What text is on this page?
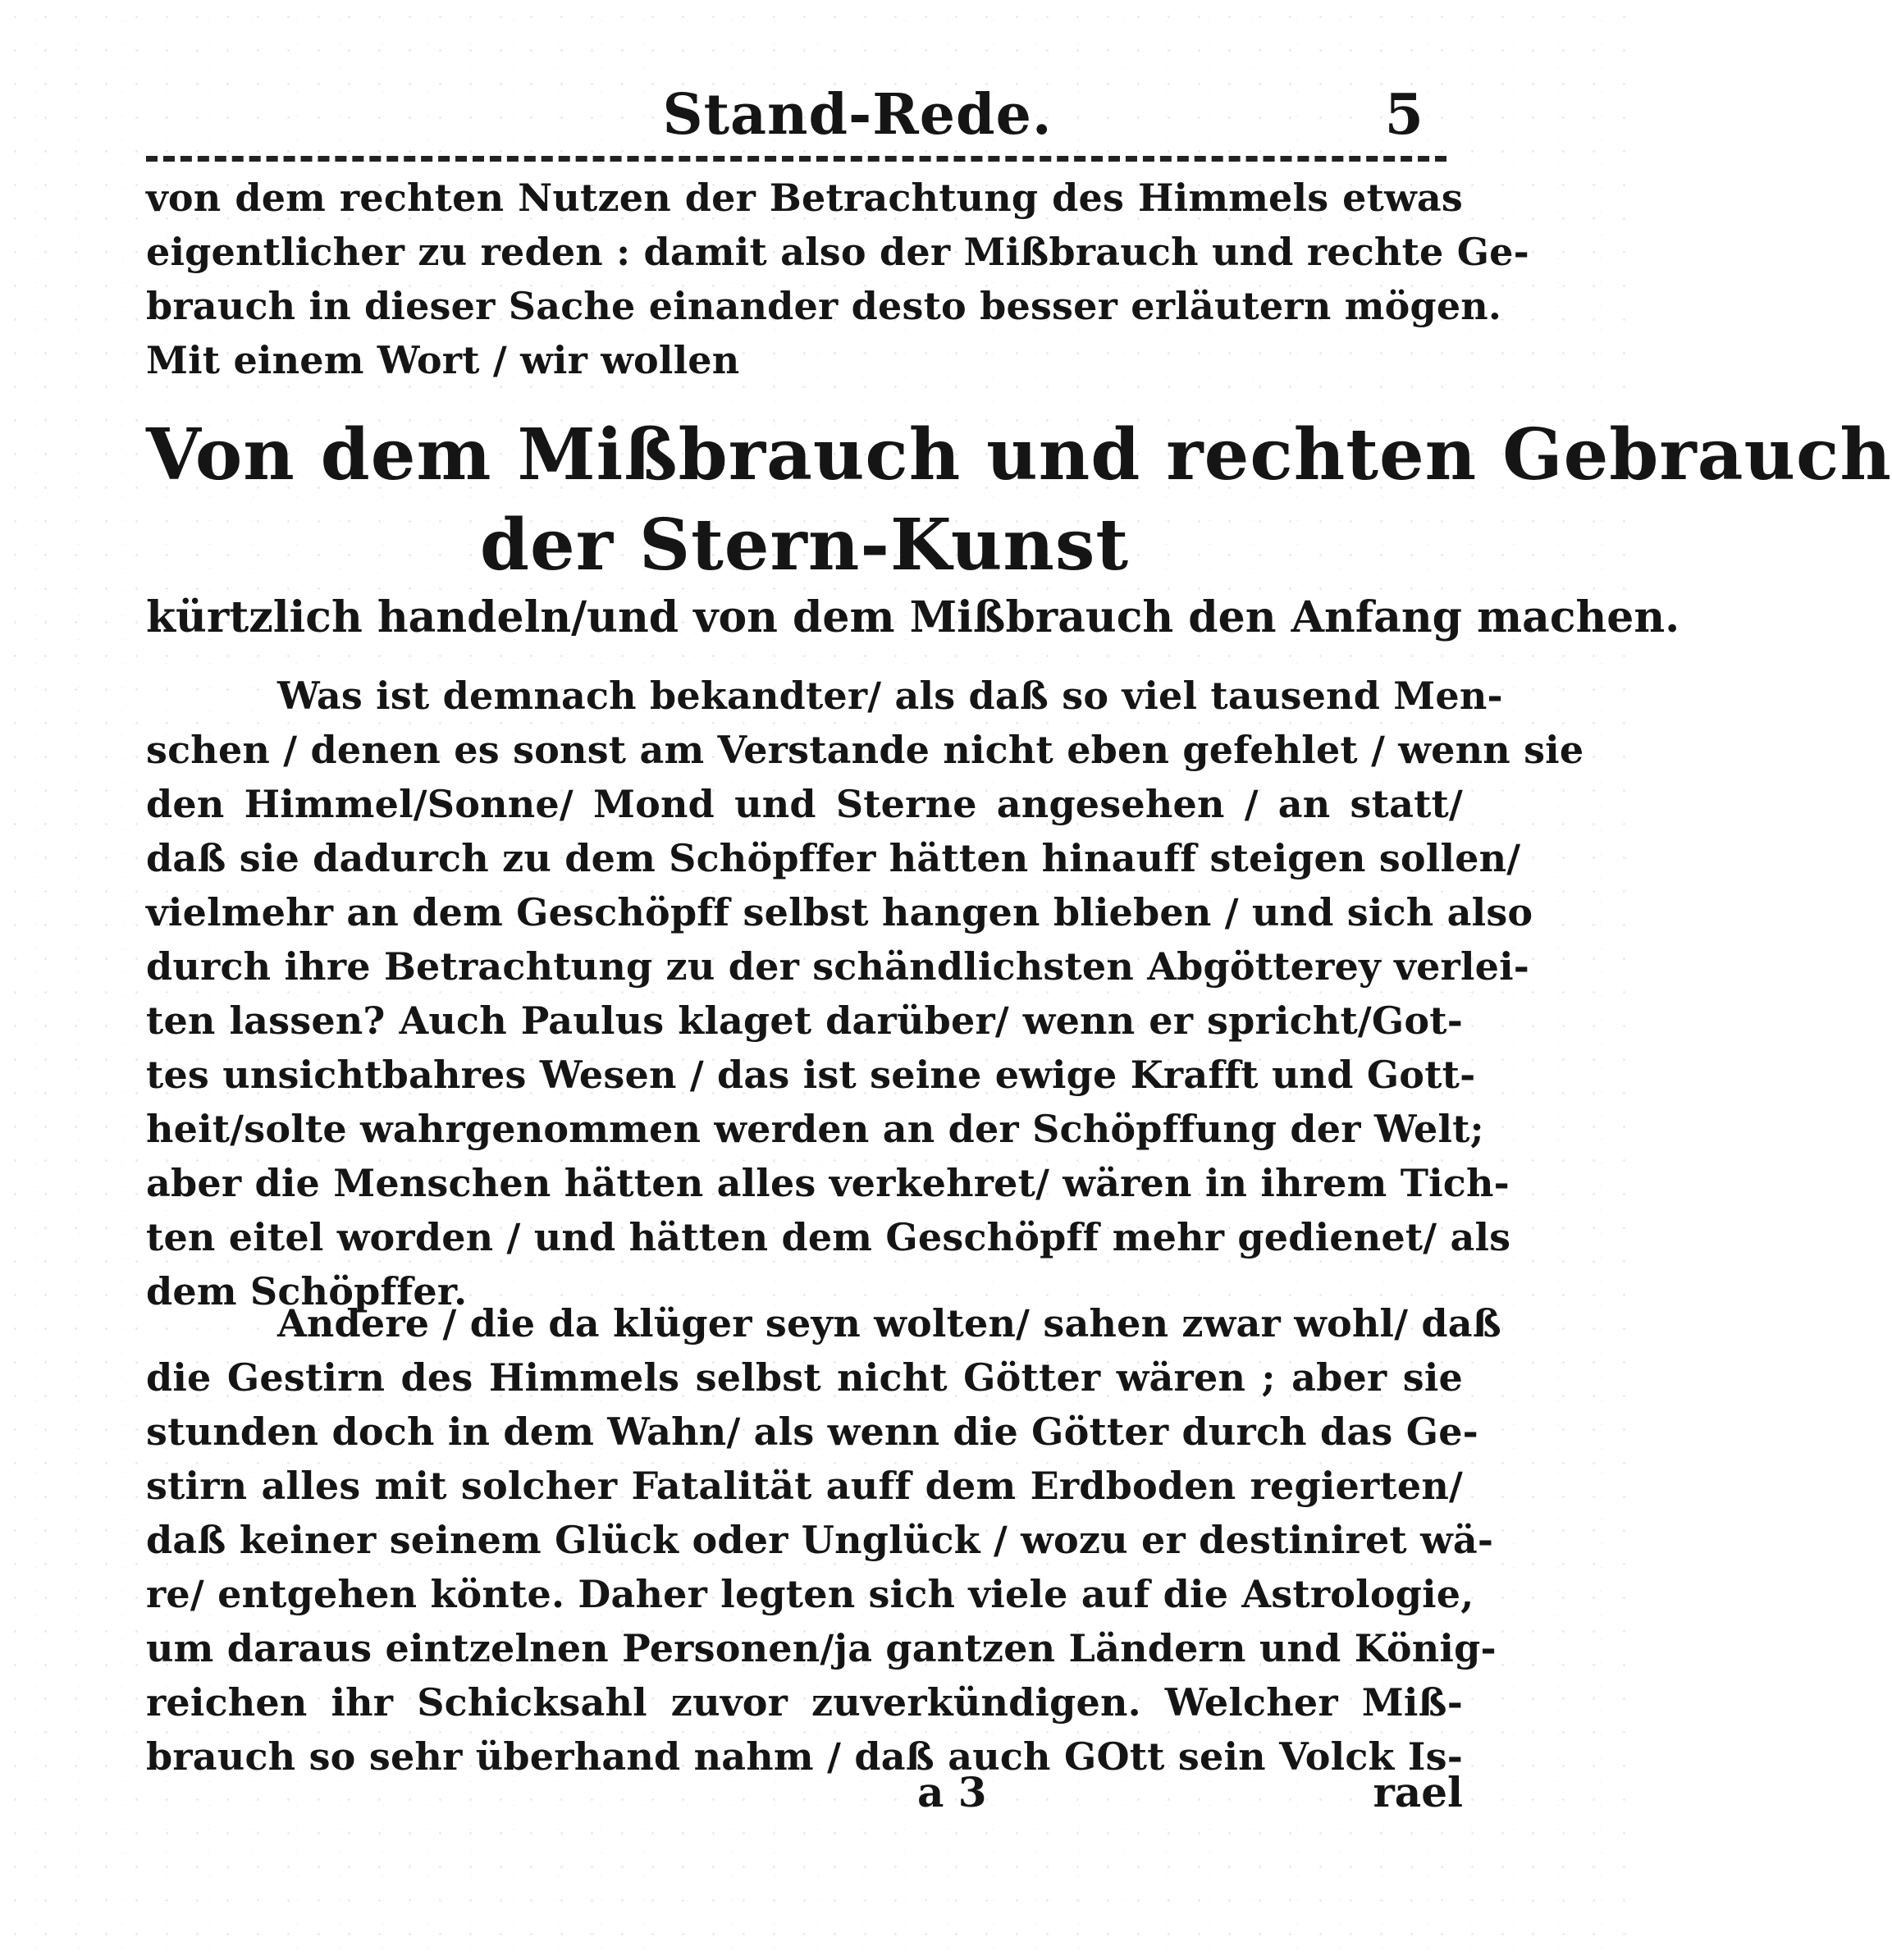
Stand-Rede.	5
von dem rechten Nutzen der Betrachtung des Himmels etwas
eigentlicher zu reden : damit also der Mißbrauch und rechte Ge-
brauch in dieser Sache einander desto besser erläutern mögen.
Mit einem Wort / wir wollen
Von dem Mißbrauch und rechten Gebrauch
der Stern-Kunst
kürtzlich handeln/und von dem Mißbrauch den Anfang machen.
Was ist demnach bekandter/ als daß so viel tausend Men-
schen / denen es sonst am Verstande nicht eben gefehlet / wenn sie
den Himmel/Sonne/ Mond und Sterne angesehen / an statt/
daß sie dadurch zu dem Schöpffer hätten hinauff steigen sollen/
vielmehr an dem Geschöpff selbst hangen blieben / und sich also
durch ihre Betrachtung zu der schändlichsten Abgötterey verlei-
ten lassen? Auch Paulus klaget darüber/ wenn er spricht/Got-
tes unsichtbahres Wesen / das ist seine ewige Krafft und Gott-
heit/solte wahrgenommen werden an der Schöpffung der Welt;
aber die Menschen hätten alles verkehret/ wären in ihrem Tich-
ten eitel worden / und hätten dem Geschöpff mehr gedienet/ als
dem Schöpffer.
Andere / die da klüger seyn wolten/ sahen zwar wohl/ daß
die Gestirn des Himmels selbst nicht Götter wären ; aber sie
stunden doch in dem Wahn/ als wenn die Götter durch das Ge-
stirn alles mit solcher Fatalität auff dem Erdboden regierten/
daß keiner seinem Glück oder Unglück / wozu er destiniret wä-
re/ entgehen könte. Daher legten sich viele auf die Astrologie,
um daraus eintzelnen Personen/ja gantzen Ländern und König-
reichen ihr Schicksahl zuvor zuverkündigen. Welcher Miß-
brauch so sehr überhand nahm / daß auch GOtt sein Volck Is-
a 3	rael
